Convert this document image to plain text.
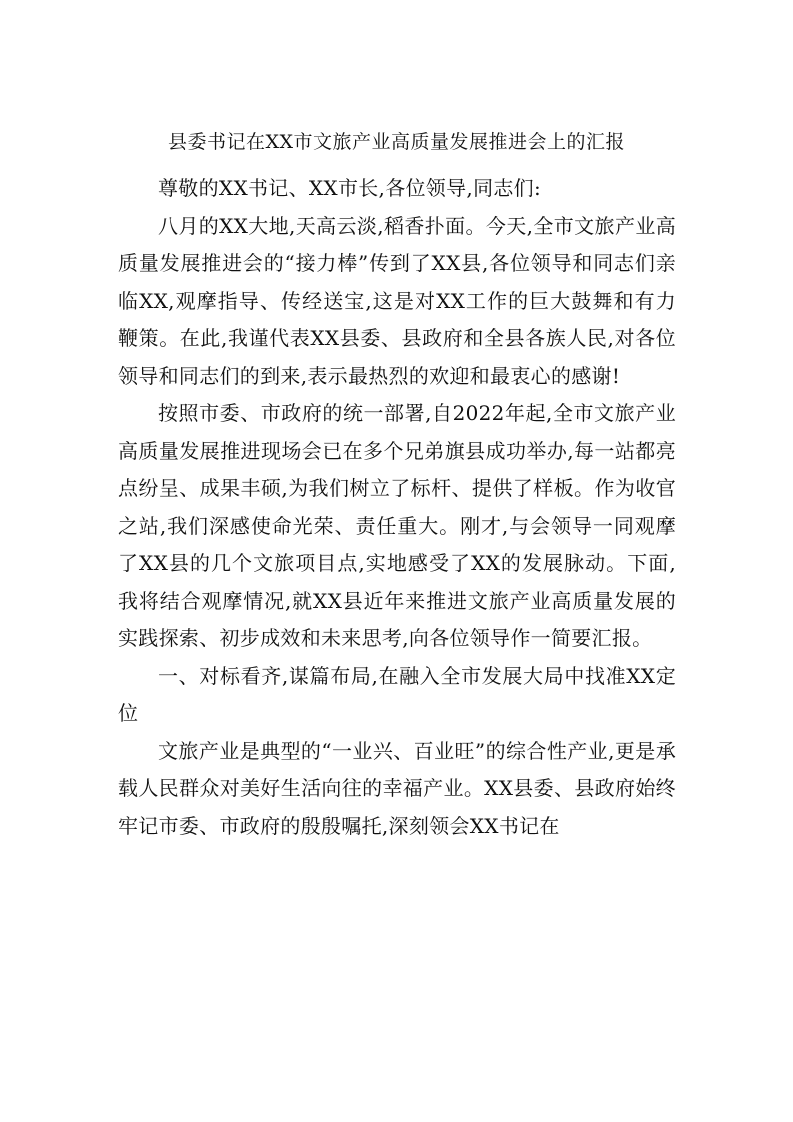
县委书记在XX市文旅产业高质量发展推进会上的汇报

尊敬的XX书记、XX市长,各位领导,同志们:

八月的XX大地,天高云淡,稻香扑面。今天,全市文旅产业高质量发展推进会的“接力棒”传到了XX县,各位领导和同志们亲临XX,观摩指导、传经送宝,这是对XX工作的巨大鼓舞和有力鞭策。在此,我谨代表XX县委、县政府和全县各族人民,对各位领导和同志们的到来,表示最热烈的欢迎和最衷心的感谢!

按照市委、市政府的统一部署,自2022年起,全市文旅产业高质量发展推进现场会已在多个兄弟旗县成功举办,每一站都亮点纷呈、成果丰硕,为我们树立了标杆、提供了样板。作为收官之站,我们深感使命光荣、责任重大。刚才,与会领导一同观摩了XX县的几个文旅项目点,实地感受了XX的发展脉动。下面,我将结合观摩情况,就XX县近年来推进文旅产业高质量发展的实践探索、初步成效和未来思考,向各位领导作一简要汇报。

一、对标看齐,谋篇布局,在融入全市发展大局中找准XX定位

文旅产业是典型的“一业兴、百业旺”的综合性产业,更是承载人民群众对美好生活向往的幸福产业。XX县委、县政府始终牢记市委、市政府的殷殷嘱托,深刻领会XX书记在
